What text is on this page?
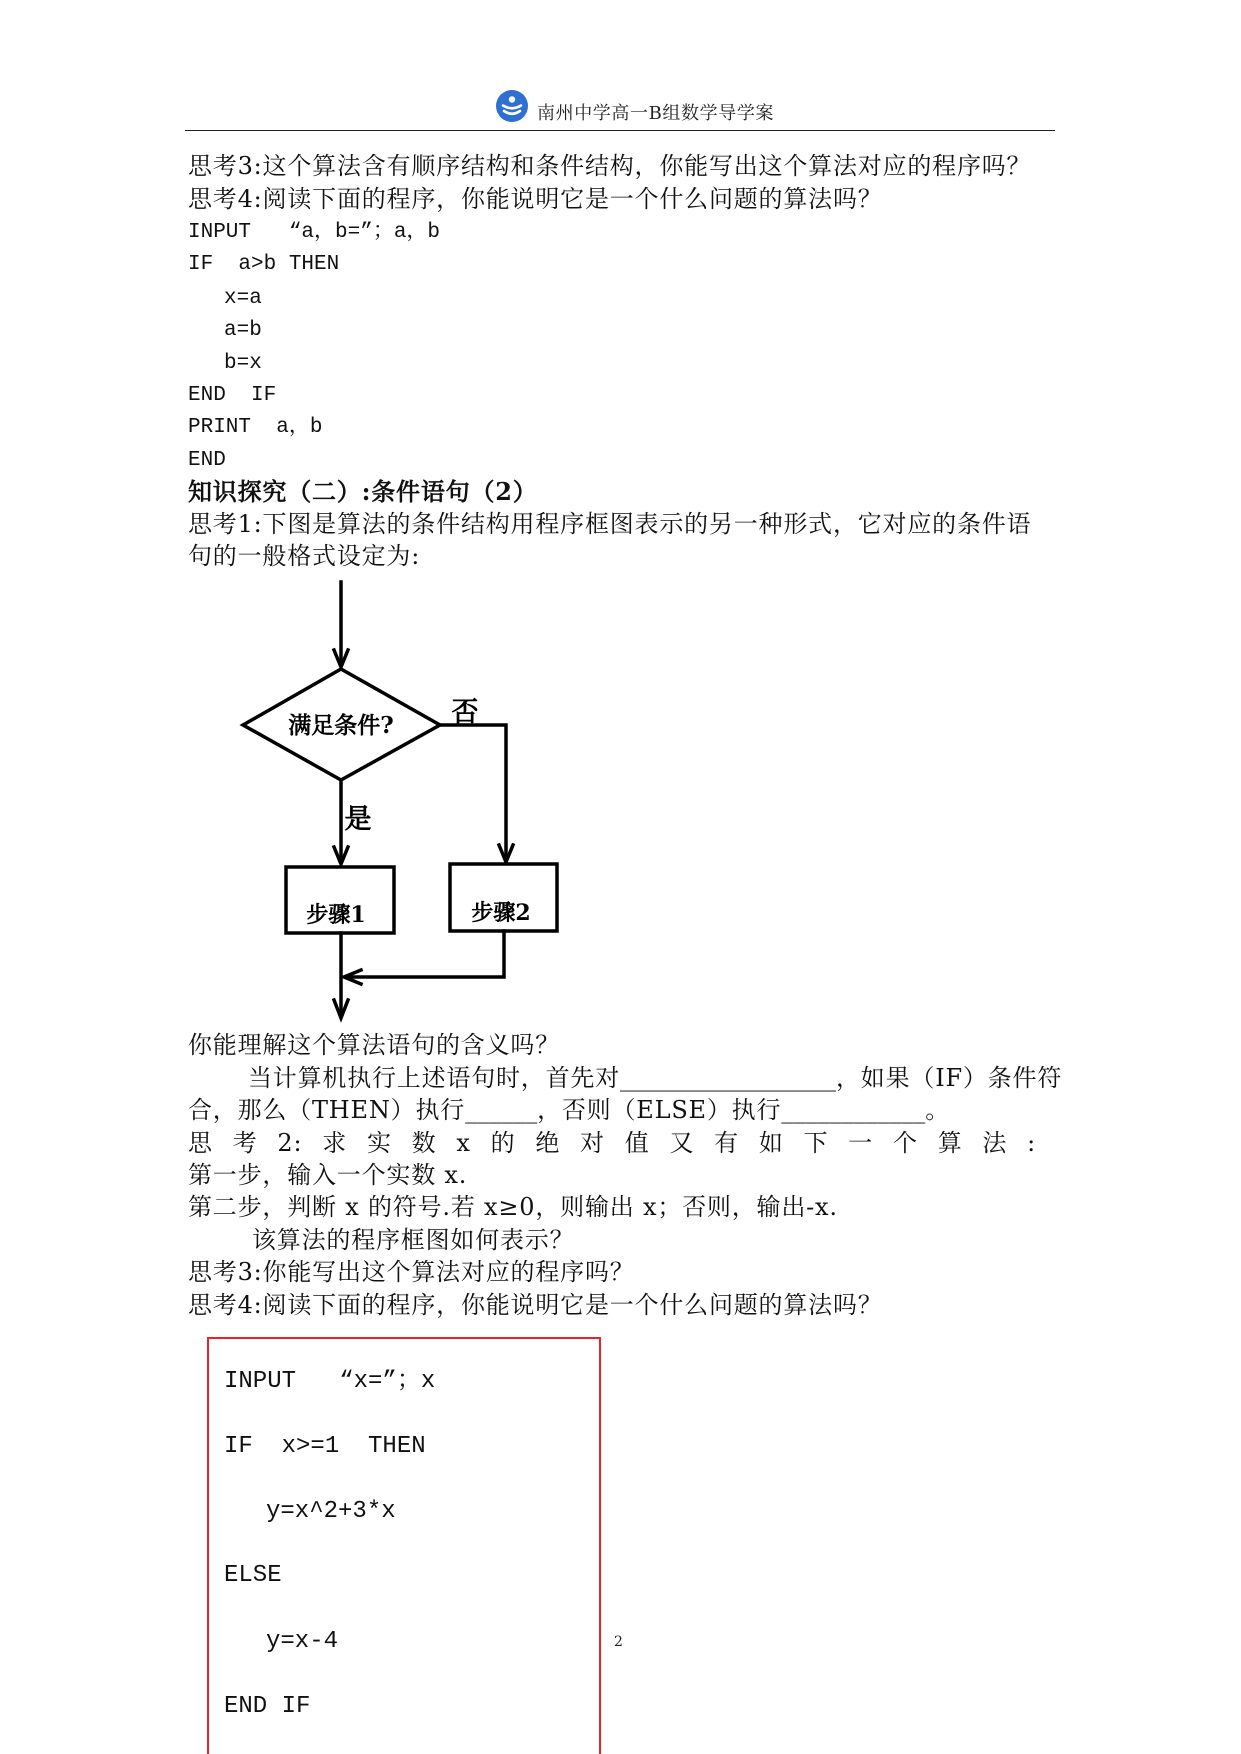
南州中学高一B组数学导学案
思考3:这个算法含有顺序结构和条件结构，你能写出这个算法对应的程序吗？
思考4:阅读下面的程序，你能说明它是一个什么问题的算法吗？
INPUT   “a，b=”；a，b
IF  a>b THEN
x=a
a=b
b=x
END  IF
PRINT  a，b
END
知识探究（二）:条件语句（2）
思考1:下图是算法的条件结构用程序框图表示的另一种形式，它对应的条件语
句的一般格式设定为:
满足条件? 否
是
步骤1	步骤2
你能理解这个算法语句的含义吗？
当计算机执行上述语句时，首先对__________________，如果（IF）条件符
合，那么（THEN）执行______，否则（ELSE）执行____________。
思考2:求实数x的绝对值又有如下一个算法:
第一步，输入一个实数 x.
第二步，判断 x 的符号.若 x≥0，则输出 x；否则，输出-x.
该算法的程序框图如何表示？
思考3:你能写出这个算法对应的程序吗？
思考4:阅读下面的程序，你能说明它是一个什么问题的算法吗？
INPUT   “x=”；x
IF  x>=1  THEN
y=x^2+3*x
ELSE
y=x-4
END IF
2
